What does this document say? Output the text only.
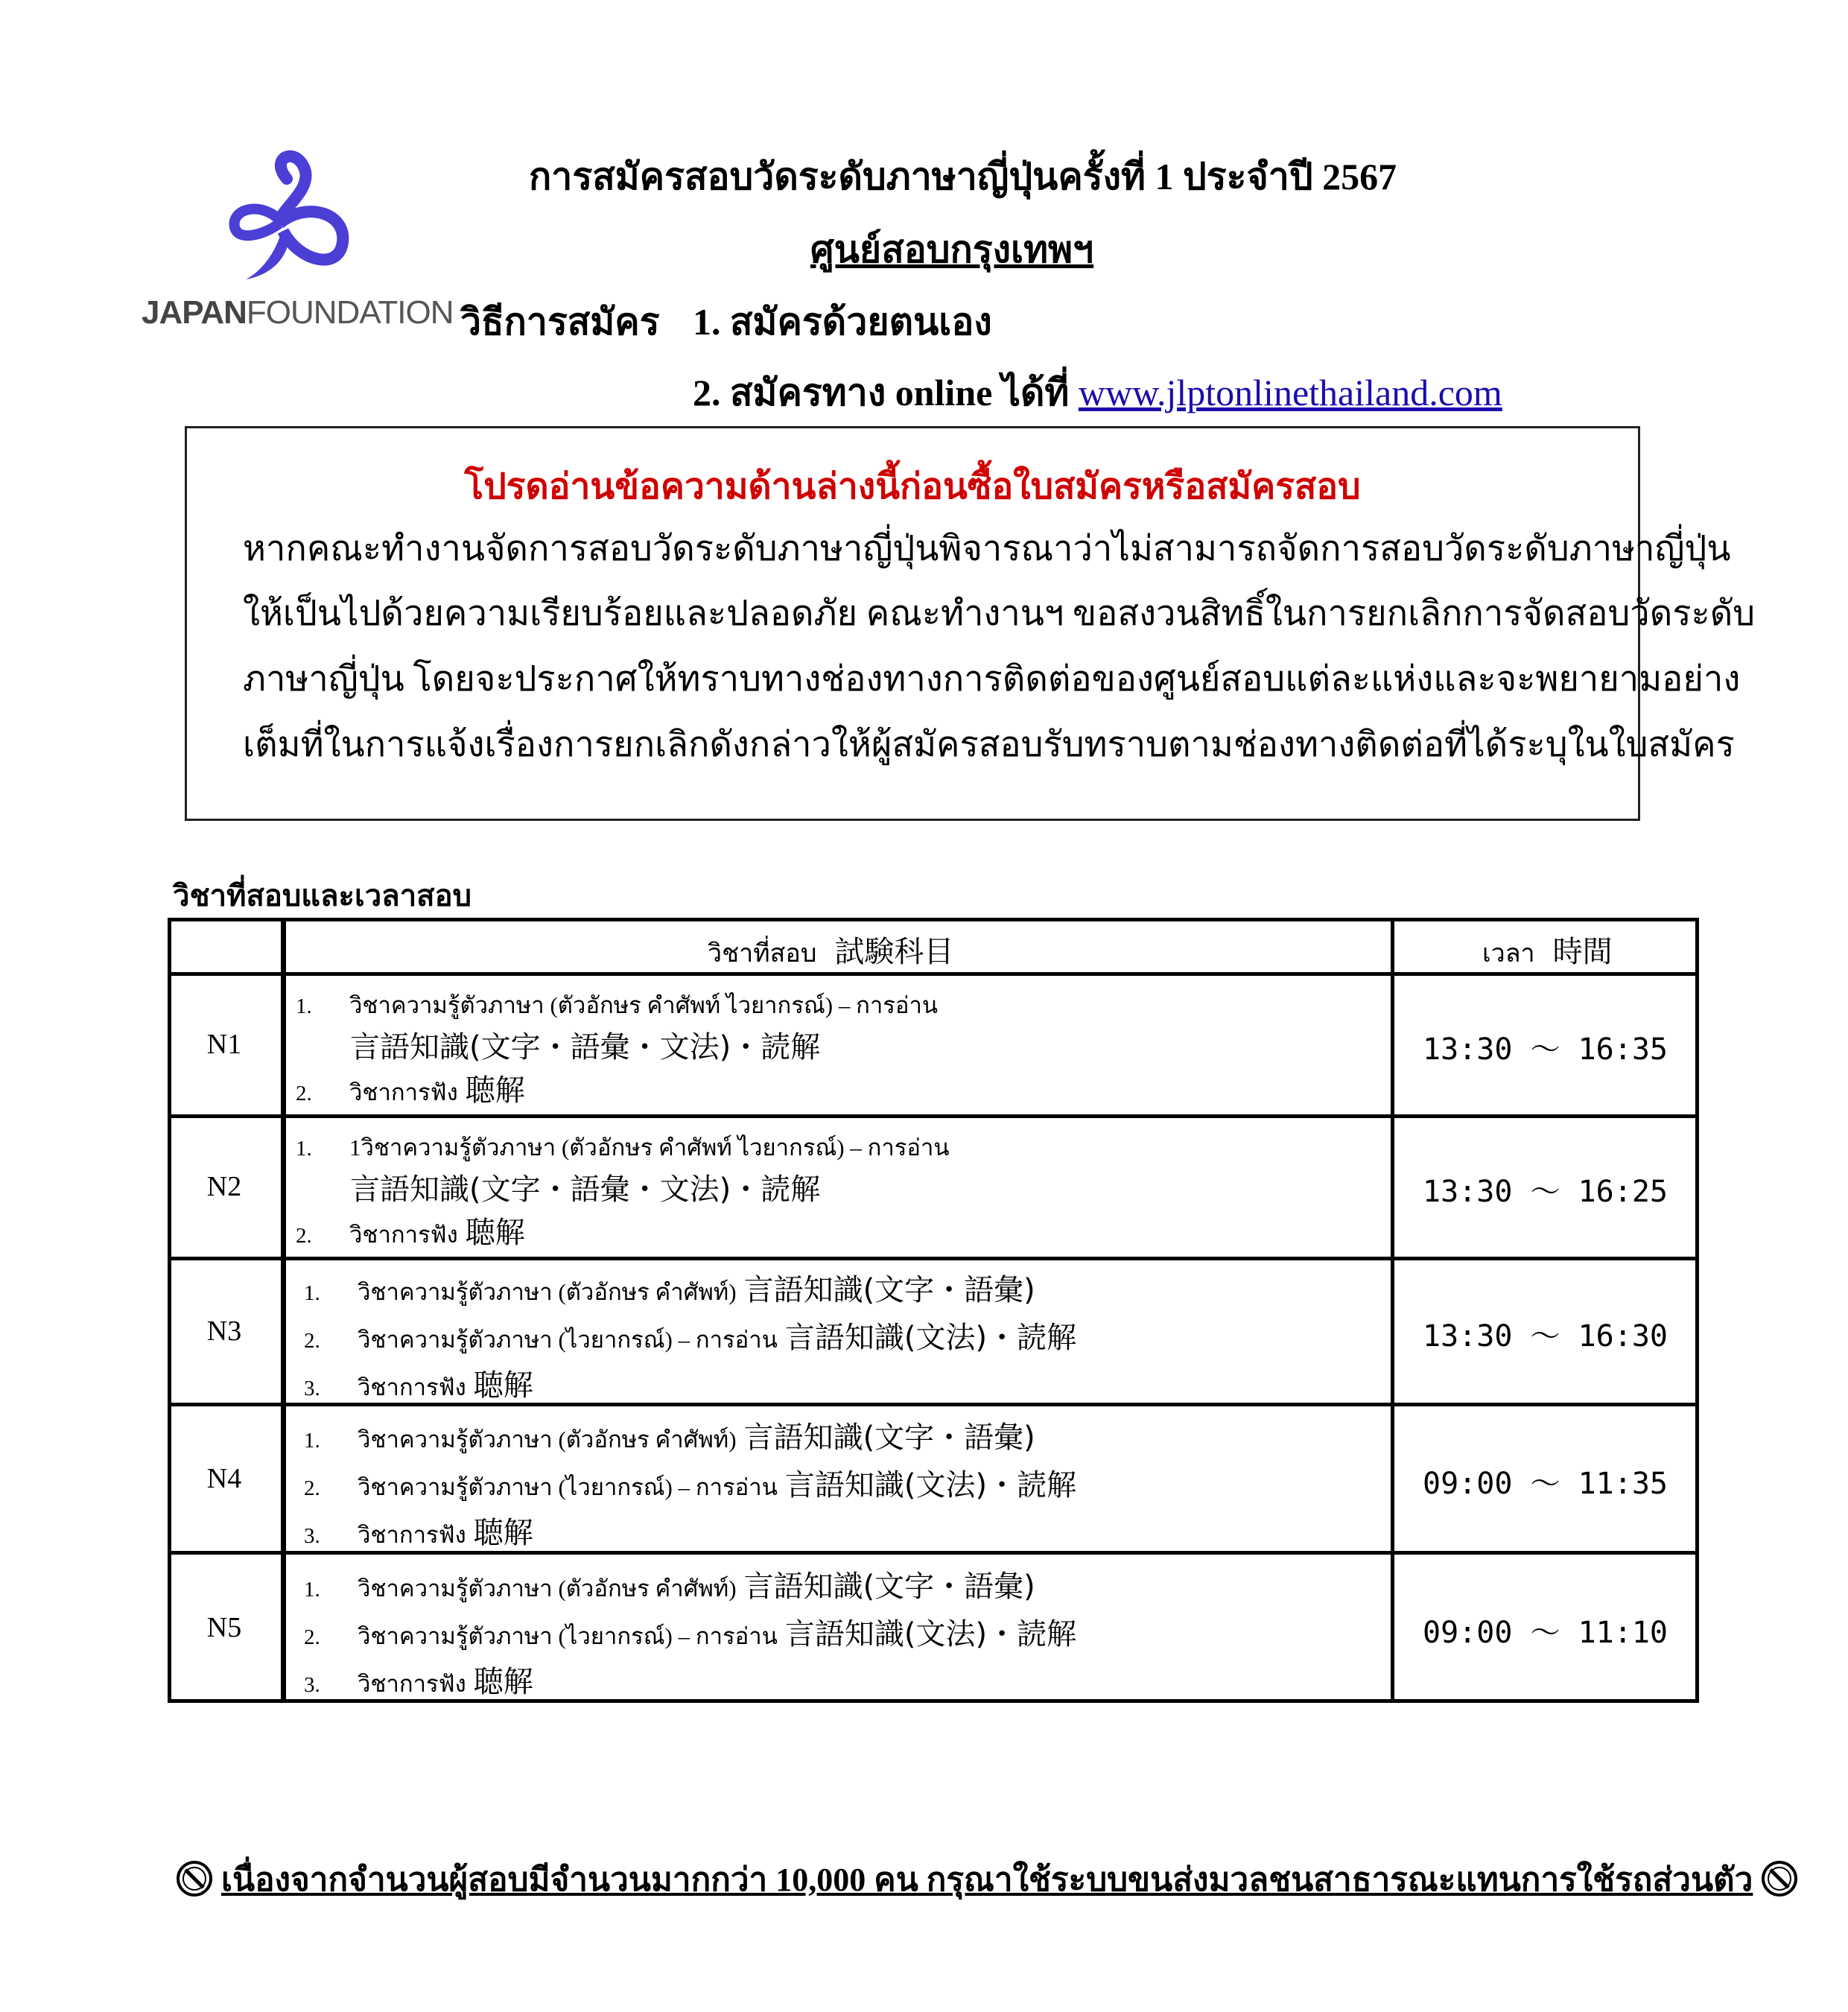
JAPANFOUNDATION
การสมัครสอบวัดระดับภาษาญี่ปุ่นครั้งที่ 1 ประจำปี 2567
ศูนย์สอบกรุงเทพฯ
วิธีการสมัคร 1. สมัครด้วยตนเอง
2. สมัครทาง online ได้ที่ www.jlptonlinethailand.com
โปรดอ่านข้อความด้านล่างนี้ก่อนซื้อใบสมัครหรือสมัครสอบ
หากคณะทำงานจัดการสอบวัดระดับภาษาญี่ปุ่นพิจารณาว่าไม่สามารถจัดการสอบวัดระดับภาษาญี่ปุ่น
ให้เป็นไปด้วยความเรียบร้อยและปลอดภัย คณะทำงานฯ ขอสงวนสิทธิ์ในการยกเลิกการจัดสอบวัดระดับ
ภาษาญี่ปุ่น โดยจะประกาศให้ทราบทางช่องทางการติดต่อของศูนย์สอบแต่ละแห่งและจะพยายามอย่าง
เต็มที่ในการแจ้งเรื่องการยกเลิกดังกล่าวให้ผู้สมัครสอบรับทราบตามช่องทางติดต่อที่ได้ระบุในใบสมัคร
วิชาที่สอบและเวลาสอบ
วิชาที่สอบ 試験科目	เวลา 時間
N1
1. วิชาความรู้ตัวภาษา (ตัวอักษร คำศัพท์ ไวยากรณ์) – การอ่าน
言語知識(文字・語彙・文法)・読解
2. วิชาการฟัง 聴解
13:30 ～ 16:35
N2
1. 1วิชาความรู้ตัวภาษา (ตัวอักษร คำศัพท์ ไวยากรณ์) – การอ่าน
言語知識(文字・語彙・文法)・読解
2. วิชาการฟัง 聴解
13:30 ～ 16:25
N3
1. วิชาความรู้ตัวภาษา (ตัวอักษร คำศัพท์) 言語知識(文字・語彙)
2. วิชาความรู้ตัวภาษา (ไวยากรณ์) – การอ่าน 言語知識(文法)・読解
3. วิชาการฟัง 聴解
13:30 ～ 16:30
N4
1. วิชาความรู้ตัวภาษา (ตัวอักษร คำศัพท์) 言語知識(文字・語彙)
2. วิชาความรู้ตัวภาษา (ไวยากรณ์) – การอ่าน 言語知識(文法)・読解
3. วิชาการฟัง 聴解
09:00 ～ 11:35
N5
1. วิชาความรู้ตัวภาษา (ตัวอักษร คำศัพท์) 言語知識(文字・語彙)
2. วิชาความรู้ตัวภาษา (ไวยากรณ์) – การอ่าน 言語知識(文法)・読解
3. วิชาการฟัง 聴解
09:00 ～ 11:10
เนื่องจากจำนวนผู้สอบมีจำนวนมากกว่า 10,000 คน กรุณาใช้ระบบขนส่งมวลชนสาธารณะแทนการใช้รถส่วนตัว
